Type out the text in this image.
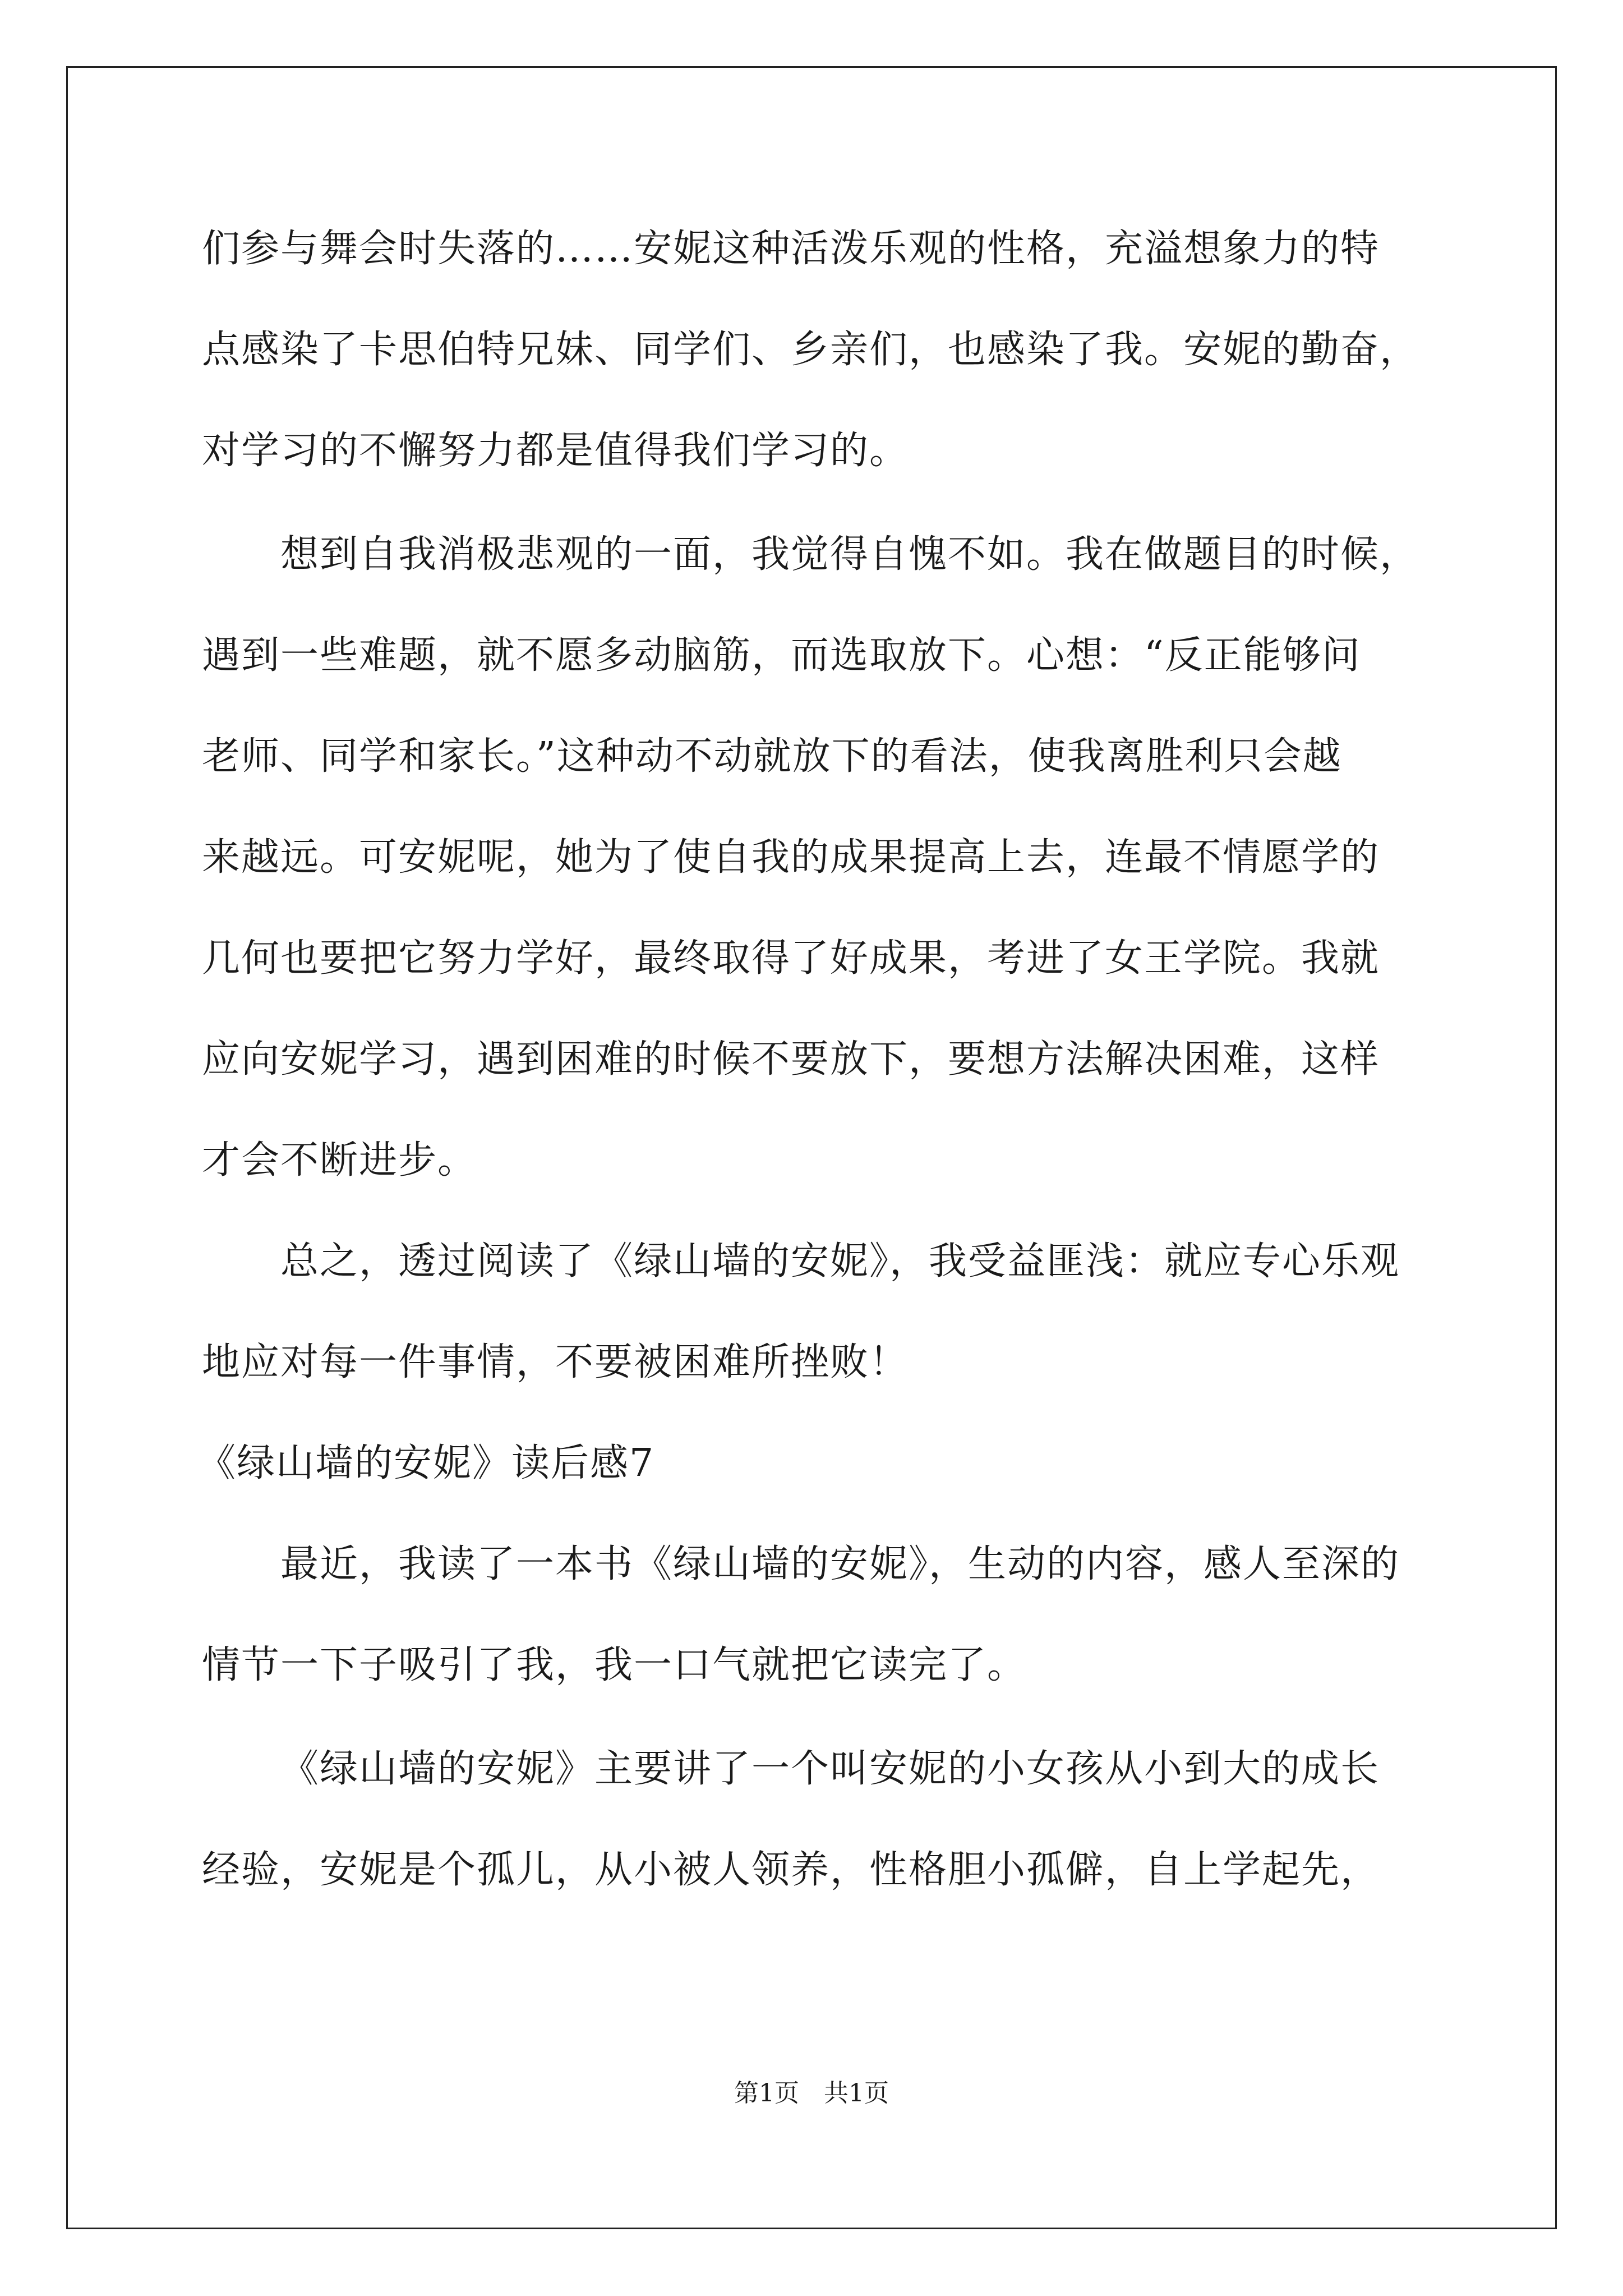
们参与舞会时失落的……安妮这种活泼乐观的性格，充溢想象力的特
点感染了卡思伯特兄妹、同学们、乡亲们，也感染了我。安妮的勤奋，
对学习的不懈努力都是值得我们学习的。
想到自我消极悲观的一面，我觉得自愧不如。我在做题目的时候，
遇到一些难题，就不愿多动脑筋，而选取放下。心想：“反正能够问
老师、同学和家长。”这种动不动就放下的看法，使我离胜利只会越
来越远。可安妮呢，她为了使自我的成果提高上去，连最不情愿学的
几何也要把它努力学好，最终取得了好成果，考进了女王学院。我就
应向安妮学习，遇到困难的时候不要放下，要想方法解决困难，这样
才会不断进步。
总之，透过阅读了《绿山墙的安妮》，我受益匪浅：就应专心乐观
地应对每一件事情，不要被困难所挫败！
《绿山墙的安妮》读后感7
最近，我读了一本书《绿山墙的安妮》，生动的内容，感人至深的
情节一下子吸引了我，我一口气就把它读完了。
《绿山墙的安妮》主要讲了一个叫安妮的小女孩从小到大的成长
经验，安妮是个孤儿，从小被人领养，性格胆小孤僻，自上学起先，
第1页　共1页
